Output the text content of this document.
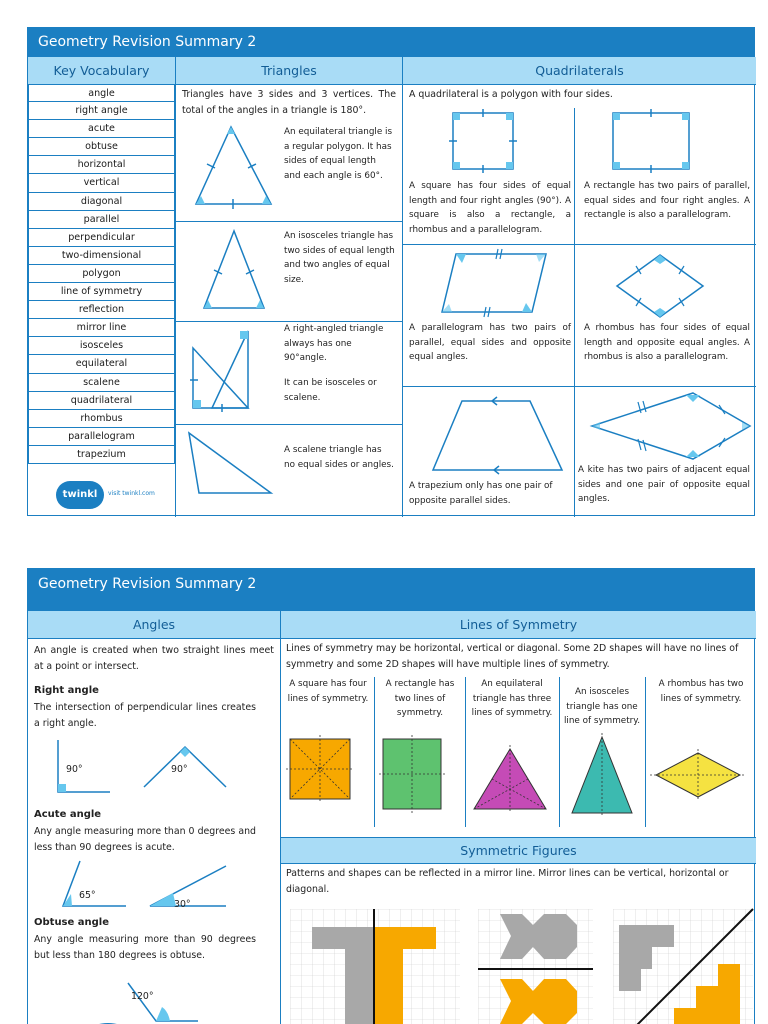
Geometry Revision Summary 2
Key Vocabulary	Triangles	Quadrilaterals
angle
right angle
acute
obtuse
horizontal
vertical
diagonal
parallel
perpendicular
two-dimensional
polygon
line of symmetry
reflection
mirror line
isosceles
equilateral
scalene
quadrilateral
rhombus
parallelogram
trapezium
twinkl	visit twinkl.com
Triangles have 3 sides and 3 vertices. The total of the angles in a triangle is 180°.
An equilateral triangle is a regular polygon. It has sides of equal length and each angle is 60°.
An isosceles triangle has two sides of equal length and two angles of equal size.
A right-angled triangle always has one 90°angle.
It can be isosceles or scalene.
A scalene triangle has no equal sides or angles.
A quadrilateral is a polygon with four sides.
A square has four sides of equal length and four right angles (90°). A square is also a rectangle, a rhombus and a parallelogram.
A rectangle has two pairs of parallel, equal sides and four right angles. A rectangle is also a parallelogram.
A parallelogram has two pairs of parallel, equal sides and opposite equal angles.
A rhombus has four sides of equal length and opposite equal angles. A rhombus is also a parallelogram.
A trapezium only has one pair of opposite parallel sides.
A kite has two pairs of adjacent equal sides and one pair of opposite equal angles.
Geometry Revision Summary 2
Angles	Lines of Symmetry
An angle is created when two straight lines meet at a point or intersect.
Right angle
The intersection of perpendicular lines creates a right angle.
90°	90°
Acute angle
Any angle measuring more than 0 degrees and less than 90 degrees is acute.
65°
30°
Obtuse angle
Any angle measuring more than 90 degrees but less than 180 degrees is obtuse.
120°
Lines of symmetry may be horizontal, vertical or diagonal. Some 2D shapes will have no lines of symmetry and some 2D shapes will have multiple lines of symmetry.
A square has four lines of symmetry.
A rectangle has two lines of symmetry.
An equilateral triangle has three lines of symmetry.
An isosceles triangle has one line of symmetry.
A rhombus has two lines of symmetry.
Symmetric Figures
Patterns and shapes can be reflected in a mirror line. Mirror lines can be vertical, horizontal or diagonal.
